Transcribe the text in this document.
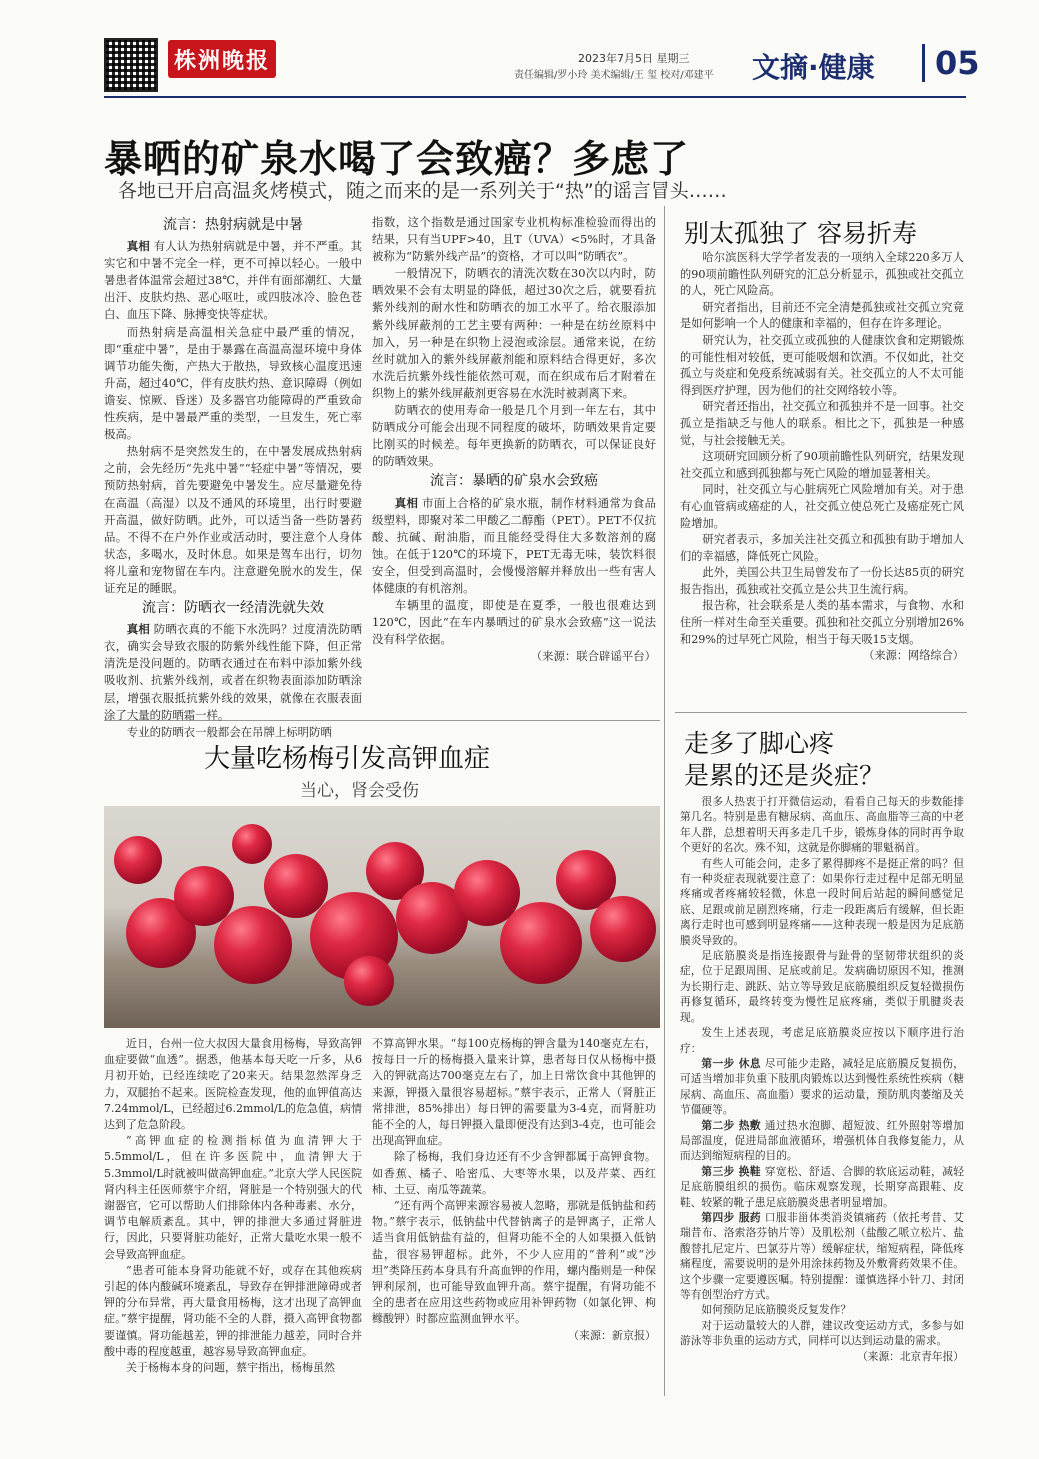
株洲晚报	2023年7月5日 星期三
责任编辑/罗小玲 美术编辑/王 玺 校对/邓建平 文摘·健康	05
暴晒的矿泉水喝了会致癌？多虑了
各地已开启高温炙烤模式，随之而来的是一系列关于“热”的谣言冒头……
流言：热射病就是中暑

真相 有人认为热射病就是中暑，并不严重。其实它和中暑不完全一样，更不可掉以轻心。一般中暑患者体温常会超过38℃，并伴有面部潮红、大量出汗、皮肤灼热、恶心呕吐，或四肢冰冷、脸色苍白、血压下降、脉搏变快等症状。

而热射病是高温相关急症中最严重的情况，即“重症中暑”，是由于暴露在高温高湿环境中身体调节功能失衡，产热大于散热，导致核心温度迅速升高，超过40℃，伴有皮肤灼热、意识障碍（例如谵妄、惊厥、昏迷）及多器官功能障碍的严重致命性疾病，是中暑最严重的类型，一旦发生，死亡率极高。

热射病不是突然发生的，在中暑发展成热射病之前，会先经历“先兆中暑”“轻症中暑”等情况，要预防热射病，首先要避免中暑发生。应尽量避免待在高温（高湿）以及不通风的环境里，出行时要避开高温，做好防晒。此外，可以适当备一些防暑药品。不得不在户外作业或活动时，要注意个人身体状态，多喝水，及时休息。如果是驾车出行，切勿将儿童和宠物留在车内。注意避免脱水的发生，保证充足的睡眠。

流言：防晒衣一经清洗就失效

真相 防晒衣真的不能下水洗吗？过度清洗防晒衣，确实会导致衣服的防紫外线性能下降，但正常清洗是没问题的。防晒衣通过在布料中添加紫外线吸收剂、抗紫外线剂，或者在织物表面添加防晒涂层，增强衣服抵抗紫外线的效果，就像在衣服表面涂了大量的防晒霜一样。

专业的防晒衣一般都会在吊牌上标明防晒

指数，这个指数是通过国家专业机构标准检验而得出的结果，只有当UPF>40，且T（UVA）<5%时，才具备被称为“防紫外线产品”的资格，才可以叫“防晒衣”。

一般情况下，防晒衣的清洗次数在30次以内时，防晒效果不会有太明显的降低，超过30次之后，就要看抗紫外线剂的耐水性和防晒衣的加工水平了。给衣服添加紫外线屏蔽剂的工艺主要有两种：一种是在纺丝原料中加入，另一种是在织物上浸泡或涂层。通常来说，在纺丝时就加入的紫外线屏蔽剂能和原料结合得更好，多次水洗后抗紫外线性能依然可观，而在织成布后才附着在织物上的紫外线屏蔽剂更容易在水洗时被剥离下来。

防晒衣的使用寿命一般是几个月到一年左右，其中防晒成分可能会出现不同程度的破坏，防晒效果肯定要比刚买的时候差。每年更换新的防晒衣，可以保证良好的防晒效果。

流言：暴晒的矿泉水会致癌

真相 市面上合格的矿泉水瓶，制作材料通常为食品级塑料，即聚对苯二甲酸乙二醇酯（PET）。PET不仅抗酸、抗碱、耐油脂，而且能经受得住大多数溶剂的腐蚀。在低于120℃的环境下，PET无毒无味，装饮料很安全，但受到高温时，会慢慢溶解并释放出一些有害人体健康的有机溶剂。

车辆里的温度，即使是在夏季，一般也很难达到120℃，因此“在车内暴晒过的矿泉水会致癌”这一说法没有科学依据。

（来源：联合辟谣平台）

别太孤独了 容易折寿

哈尔滨医科大学学者发表的一项纳入全球220多万人的90项前瞻性队列研究的汇总分析显示，孤独或社交孤立的人，死亡风险高。

研究者指出，目前还不完全清楚孤独或社交孤立究竟是如何影响一个人的健康和幸福的，但存在许多理论。

研究认为，社交孤立或孤独的人健康饮食和定期锻炼的可能性相对较低，更可能吸烟和饮酒。不仅如此，社交孤立与炎症和免疫系统减弱有关。社交孤立的人不太可能得到医疗护理，因为他们的社交网络较小等。

研究者还指出，社交孤立和孤独并不是一回事。社交孤立是指缺乏与他人的联系。相比之下，孤独是一种感觉，与社会接触无关。

这项研究回顾分析了90项前瞻性队列研究，结果发现社交孤立和感到孤独都与死亡风险的增加显著相关。

同时，社交孤立与心脏病死亡风险增加有关。对于患有心血管病或癌症的人，社交孤立使总死亡及癌症死亡风险增加。

研究者表示，多加关注社交孤立和孤独有助于增加人们的幸福感，降低死亡风险。

此外，美国公共卫生局曾发布了一份长达85页的研究报告指出，孤独或社交孤立是公共卫生流行病。

报告称，社会联系是人类的基本需求，与食物、水和住所一样对生命至关重要。孤独和社交孤立分别增加26%和29%的过早死亡风险，相当于每天吸15支烟。

（来源：网络综合）

走多了脚心疼
是累的还是炎症？

很多人热衷于打开微信运动，看看自己每天的步数能排第几名。特别是患有糖尿病、高血压、高血脂等三高的中老年人群，总想着明天再多走几千步，锻炼身体的同时再争取个更好的名次。殊不知，这就是你脚痛的罪魁祸首。

有些人可能会问，走多了累得脚疼不是挺正常的吗？但有一种炎症表现就要注意了：如果你行走过程中足部无明显疼痛或者疼痛较轻微，休息一段时间后站起的瞬间感觉足底、足跟或前足剧烈疼痛，行走一段距离后有缓解，但长距离行走时也可感到明显疼痛——这种表现一般是因为足底筋膜炎导致的。

足底筋膜炎是指连接跟骨与趾骨的坚韧带状组织的炎症，位于足跟周围、足底或前足。发病确切原因不知，推测为长期行走、跳跃、站立等导致足底筋膜组织反复轻微损伤再修复循环，最终转变为慢性足底疼痛，类似于肌腱炎表现。

发生上述表现，考虑足底筋膜炎应按以下顺序进行治疗：

第一步 休息 尽可能少走路，减轻足底筋膜反复损伤，可适当增加非负重下肢肌肉锻炼以达到慢性系统性疾病（糖尿病、高血压、高血脂）要求的运动量，预防肌肉萎缩及关节僵硬等。

第二步 热敷 通过热水泡脚、超短波、红外照射等增加局部温度，促进局部血液循环，增强机体自我修复能力，从而达到缩短病程的目的。

第三步 换鞋 穿宽松、舒适、合脚的软底运动鞋，减轻足底筋膜组织的损伤。临床观察发现，长期穿高跟鞋、皮鞋、较紧的靴子患足底筋膜炎患者明显增加。

第四步 服药 口服非甾体类消炎镇痛药（依托考昔、艾瑞昔布、洛索洛芬钠片等）及肌松剂（盐酸乙哌立松片、盐酸替扎尼定片、巴氯芬片等）缓解症状，缩短病程，降低疼痛程度，需要说明的是外用涂抹药物及外敷膏药效果不佳。这个步骤一定要遵医嘱。特别提醒：谨慎选择小针刀、封闭等有创型治疗方式。

如何预防足底筋膜炎反复发作？

对于运动量较大的人群，建议改变运动方式，多参与如游泳等非负重的运动方式，同样可以达到运动量的需求。

（来源：北京青年报）

大量吃杨梅引发高钾血症
当心，肾会受伤

近日，台州一位大叔因大量食用杨梅，导致高钾血症要做“血透”。据悉，他基本每天吃一斤多，从6月初开始，已经连续吃了20来天。结果忽然浑身乏力，双腿抬不起来。医院检查发现，他的血钾值高达7.24mmol/L，已经超过6.2mmol/L的危急值，病情达到了危急阶段。

“高钾血症的检测指标值为血清钾大于5.5mmol/L，但在许多医院中，血清钾大于5.3mmol/L时就被叫做高钾血症。”北京大学人民医院肾内科主任医师蔡宇介绍，肾脏是一个特别强大的代谢器官，它可以帮助人们排除体内各种毒素、水分，调节电解质紊乱。其中，钾的排泄大多通过肾脏进行，因此，只要肾脏功能好，正常大量吃水果一般不会导致高钾血症。

“患者可能本身肾功能就不好，或存在其他疾病引起的体内酸碱环境紊乱，导致存在钾排泄障碍或者钾的分布异常，再大量食用杨梅，这才出现了高钾血症。”蔡宇提醒，肾功能不全的人群，摄入高钾食物都要谨慎。肾功能越差，钾的排泄能力越差，同时合并酸中毒的程度越重，越容易导致高钾血症。

关于杨梅本身的问题，蔡宇指出，杨梅虽然

不算高钾水果。“每100克杨梅的钾含量为140毫克左右，按每日一斤的杨梅摄入量来计算，患者每日仅从杨梅中摄入的钾就高达700毫克左右了，加上日常饮食中其他钾的来源，钾摄入量很容易超标。”蔡宇表示，正常人（肾脏正常排泄，85%排出）每日钾的需要量为3-4克，而肾脏功能不全的人，每日钾摄入量即便没有达到3-4克，也可能会出现高钾血症。

除了杨梅，我们身边还有不少含钾都属于高钾食物。如香蕉、橘子、哈密瓜、大枣等水果，以及芹菜、西红柿、土豆、南瓜等蔬菜。

“还有两个高钾来源容易被人忽略，那就是低钠盐和药物。”蔡宇表示，低钠盐中代替钠离子的是钾离子，正常人适当食用低钠盐有益的，但肾功能不全的人如果摄入低钠盐，很容易钾超标。此外，不少人应用的“普利”或“沙坦”类降压药本身具有升高血钾的作用，螺内酯则是一种保钾利尿剂，也可能导致血钾升高。蔡宇提醒，有肾功能不全的患者在应用这些药物或应用补钾药物（如氯化钾、枸橼酸钾）时都应监测血钾水平。

（来源：新京报）
